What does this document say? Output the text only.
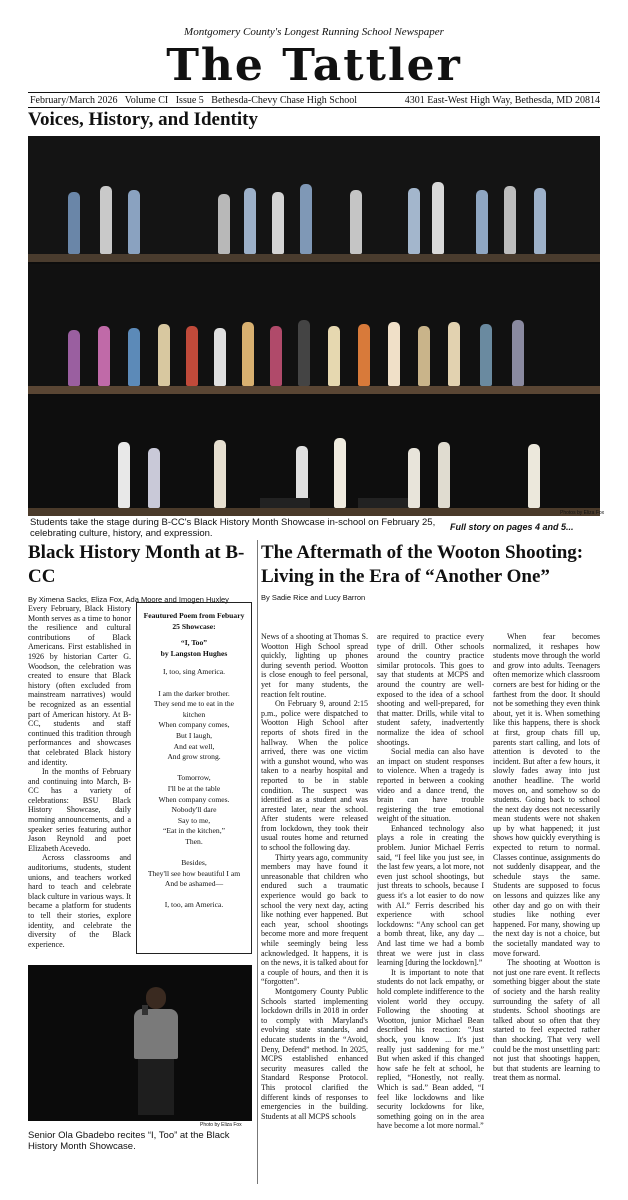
Montgomery County's Longest Running School Newspaper
The Tattler
February/March 2026   Volume CI   Issue 5   Bethesda-Chevy Chase High School	4301 East-West High Way, Bethesda, MD 20814
Voices, History, and Identity
Photos by Eliza Fox
Students take the stage during B-CC's Black History Month Showcase in-school on February 25, celebrating culture, history, and expression.
Full story on pages 4 and 5...
Black History Month at B-CC
By Ximena Sacks, Eliza Fox, Ada Moore and Imogen Huxley

Every February, Black History Month serves as a time to honor the resilience and cultural contributions of Black Americans. First established in 1926 by historian Carter G. Woodson, the celebration was created to ensure that Black history (often excluded from mainstream narratives) would be recognized as an essential part of American history. At B-CC, students and staff continued this tradition through performances and showcases that celebrated Black history and identity.

In the months of February and continuing into March, B-CC has a variety of celebrations: BSU Black History Showcase, daily morning announcements, and a speaker series featuring author Jason Reynold and poet Elizabeth Acevedo.

Across classrooms and auditoriums, students, student unions, and teachers worked hard to teach and celebrate black culture in various ways. It became a platform for students to tell their stories, explore identity, and celebrate the diversity of the Black experience.

Feautured Poem from Febuary 25 Showcase:
“I, Too”
by Langston Hughes
I, too, sing America.

I am the darker brother.
They send me to eat in the
kitchen
When company comes,
But I laugh,
And eat well,
And grow strong.

Tomorrow,
I'll be at the table
When company comes.
Nobody'll dare
Say to me,
“Eat in the kitchen,”
Then.

Besides,
They'll see how beautiful I am
And be ashamed—

I, too, am America.
Photo by Eliza Fox
Senior Ola Gbadebo recites “I, Too” at the Black History Month Showcase.
The Aftermath of the Wooton Shooting: Living in the Era of “Another One”
By Sadie Rice and Lucy Barron

News of a shooting at Thomas S. Wootton High School spread quickly, lighting up phones during seventh period. Wootton is close enough to feel personal, yet for many students, the reaction felt routine.

On February 9, around 2:15 p.m., police were dispatched to Wootton High School after reports of shots fired in the hallway. When the police arrived, there was one victim with a gunshot wound, who was taken to a nearby hospital and reported to be in stable condition. The suspect was identified as a student and was arrested later, near the school. After students were released from lockdown, they took their usual routes home and returned to school the following day.

Thirty years ago, community members may have found it unreasonable that children who endured such a traumatic experience would go back to school the very next day, acting like nothing ever happened. But each year, school shootings become more and more frequent while seemingly being less acknowledged. It happens, it is on the news, it is talked about for a couple of hours, and then it is “forgotten”.

Montgomery County Public Schools started implementing lockdown drills in 2018 in order to comply with Maryland's evolving state standards, and educate students in the “Avoid, Deny, Defend” method. In 2025, MCPS established enhanced security measures called the Standard Response Protocol. This protocol clarified the different kinds of responses to emergencies in the building. Students at all MCPS schools

are required to practice every type of drill. Other schools around the country practice similar protocols. This goes to say that students at MCPS and around the country are well-exposed to the idea of a school shooting and well-prepared, for that matter. Drills, while vital to student safety, inadvertently normalize the idea of school shootings.

Social media can also have an impact on student responses to violence. When a tragedy is reported in between a cooking video and a dance trend, the brain can have trouble registering the true emotional weight of the situation.

Enhanced technology also plays a role in creating the problem. Junior Michael Ferris said, “I feel like you just see, in the last few years, a lot more, not even just school shootings, but just threats to schools, because I guess it's a lot easier to do now with AI.” Ferris described his experience with school lockdowns: “Any school can get a bomb threat, like, any day ... And last time we had a bomb threat we were just in class learning [during the lockdown].”

It is important to note that students do not lack empathy, or hold complete indifference to the violent world they occupy. Following the shooting at Wootton, junior Michael Bean described his reaction: “Just shock, you know ... It's just really just saddening for me.” But when asked if this changed how safe he felt at school, he replied, “Honestly, not really. Which is sad.” Bean added, “I feel like lockdowns and like security lockdowns for like, something going on in the area have become a lot more normal.”

When fear becomes normalized, it reshapes how students move through the world and grow into adults. Teenagers often memorize which classroom corners are best for hiding or the farthest from the door. It should not be something they even think about, yet it is. When something like this happens, there is shock at first, group chats fill up, parents start calling, and lots of attention is devoted to the incident. But after a few hours, it slowly fades away into just another headline. The world moves on, and somehow so do students. Going back to school the next day does not necessarily mean students were not shaken up by what happened; it just shows how quickly everything is expected to return to normal. Classes continue, assignments do not suddenly disappear, and the schedule stays the same. Students are supposed to focus on lessons and quizzes like any other day and go on with their studies like nothing ever happened. For many, showing up the next day is not a choice, but the societally mandated way to move forward.

The shooting at Wootton is not just one rare event. It reflects something bigger about the state of society and the harsh reality surrounding the safety of all students. School shootings are talked about so often that they started to feel expected rather than shocking. That very well could be the most unsettling part: not just that shootings happen, but that students are learning to treat them as normal.
